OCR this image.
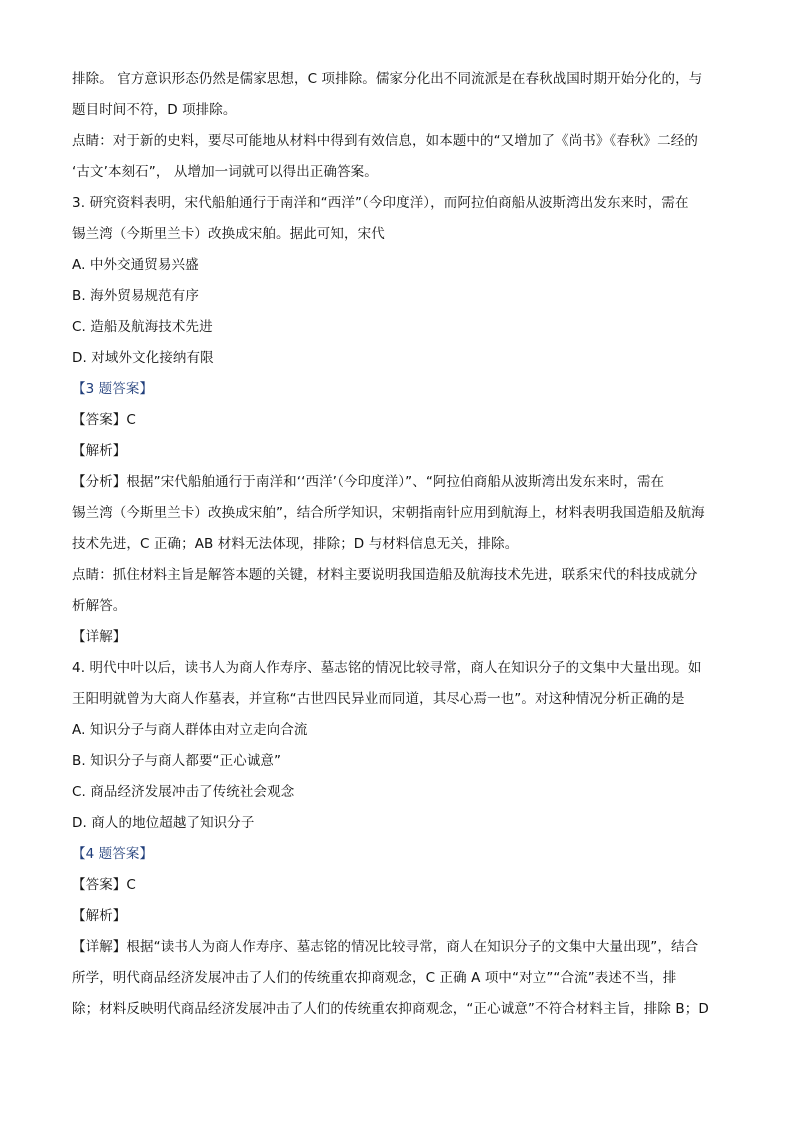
排除。 官方意识形态仍然是儒家思想，C 项排除。儒家分化出不同流派是在春秋战国时期开始分化的，与
题目时间不符，D 项排除。
点睛：对于新的史料，要尽可能地从材料中得到有效信息，如本题中的“又增加了《尚书》《春秋》二经的
‘古文’本刻石”， 从增加一词就可以得出正确答案。
3. 研究资料表明，宋代船舶通行于南洋和“西洋”（今印度洋），而阿拉伯商船从波斯湾出发东来时，需在
锡兰湾（今斯里兰卡）改换成宋舶。据此可知，宋代
A. 中外交通贸易兴盛
B. 海外贸易规范有序
C. 造船及航海技术先进
D. 对域外文化接纳有限
【3 题答案】
【答案】C
【解析】
【分析】根据”宋代船舶通行于南洋和‘‘西洋’（今印度洋）”、“阿拉伯商船从波斯湾出发东来时，需在
锡兰湾（今斯里兰卡）改换成宋舶”，结合所学知识，宋朝指南针应用到航海上，材料表明我国造船及航海
技术先进，C 正确；AB 材料无法体现，排除；D 与材料信息无关，排除。
点睛：抓住材料主旨是解答本题的关键，材料主要说明我国造船及航海技术先进，联系宋代的科技成就分
析解答。
【详解】
4. 明代中叶以后，读书人为商人作寿序、墓志铭的情况比较寻常，商人在知识分子的文集中大量出现。如
王阳明就曾为大商人作墓表，并宣称“古世四民异业而同道，其尽心焉一也”。对这种情况分析正确的是
A. 知识分子与商人群体由对立走向合流
B. 知识分子与商人都要“正心诚意”
C. 商品经济发展冲击了传统社会观念
D. 商人的地位超越了知识分子
【4 题答案】
【答案】C
【解析】
【详解】根据“读书人为商人作寿序、墓志铭的情况比较寻常，商人在知识分子的文集中大量出现”，结合
所学，明代商品经济发展冲击了人们的传统重农抑商观念，C 正确 A 项中“对立”“合流”表述不当，排
除；材料反映明代商品经济发展冲击了人们的传统重农抑商观念，“正心诚意”不符合材料主旨，排除 B；D
